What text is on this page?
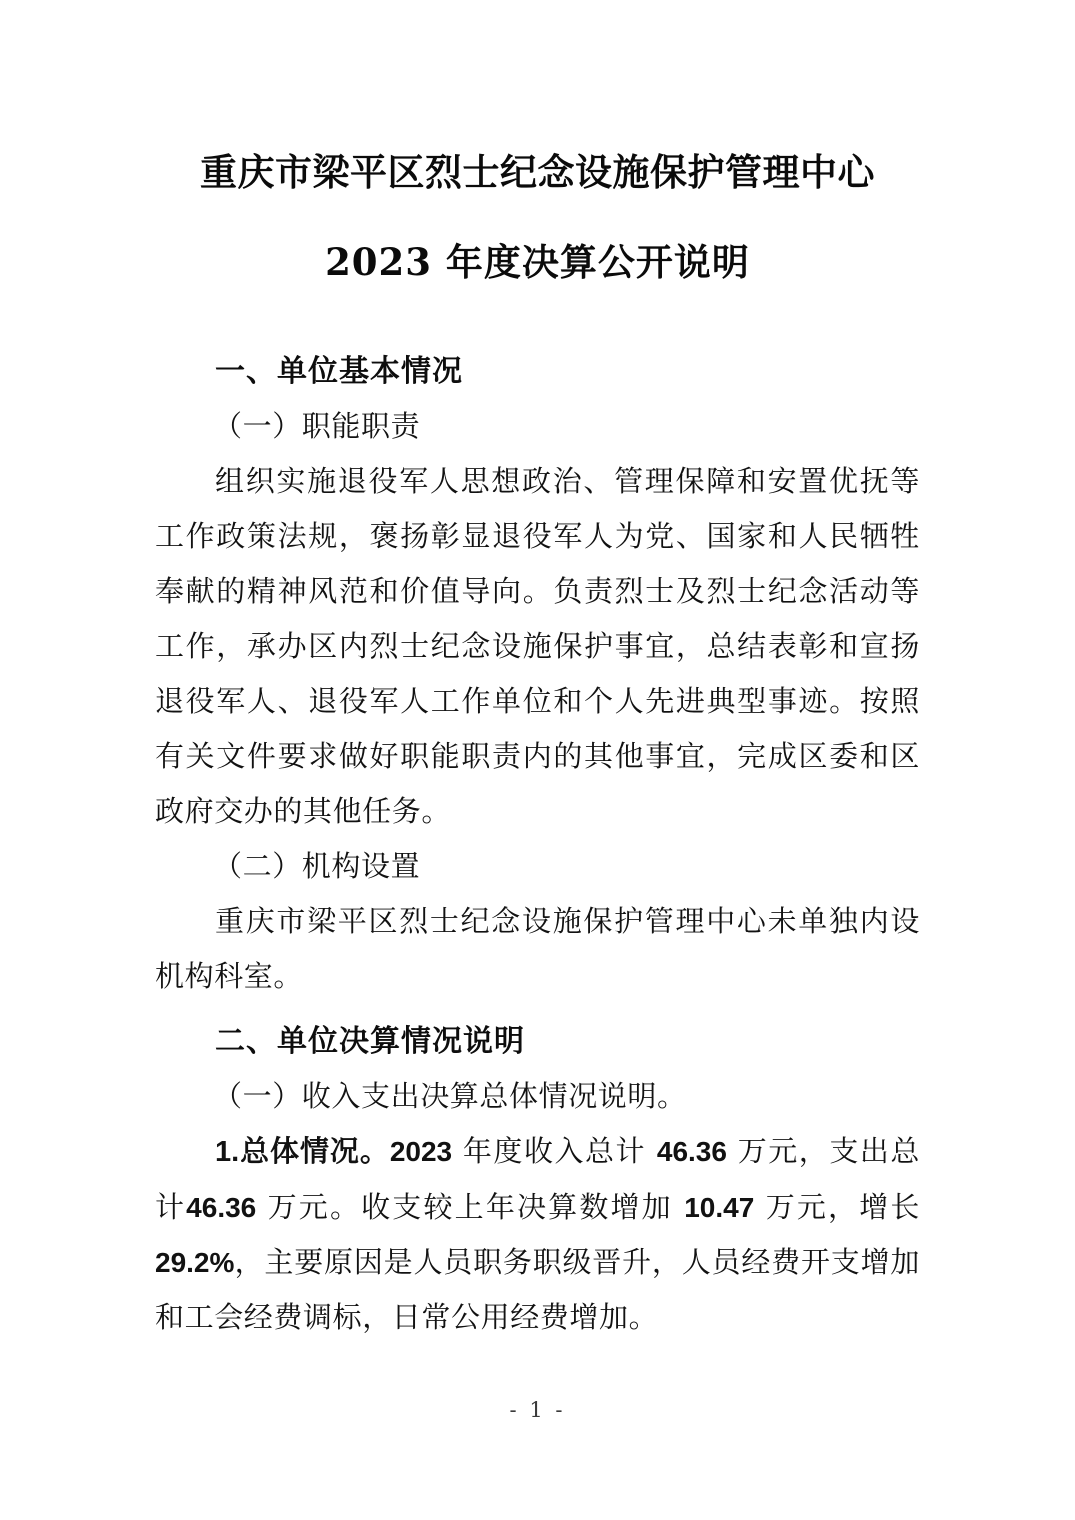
重庆市梁平区烈士纪念设施保护管理中心
2023 年度决算公开说明
一、单位基本情况

（一）职能职责

组织实施退役军人思想政治、管理保障和安置优抚等工作政策法规，褒扬彰显退役军人为党、国家和人民牺牲奉献的精神风范和价值导向。负责烈士及烈士纪念活动等工作，承办区内烈士纪念设施保护事宜，总结表彰和宣扬退役军人、退役军人工作单位和个人先进典型事迹。按照有关文件要求做好职能职责内的其他事宜，完成区委和区政府交办的其他任务。

（二）机构设置

重庆市梁平区烈士纪念设施保护管理中心未单独内设机构科室。

二、单位决算情况说明

（一）收入支出决算总体情况说明。

1.总体情况。2023 年度收入总计 46.36 万元，支出总计46.36 万元。收支较上年决算数增加 10.47 万元，增长 29.2%，主要原因是人员职务职级晋升，人员经费开支增加和工会经费调标，日常公用经费增加。

- 1 -
